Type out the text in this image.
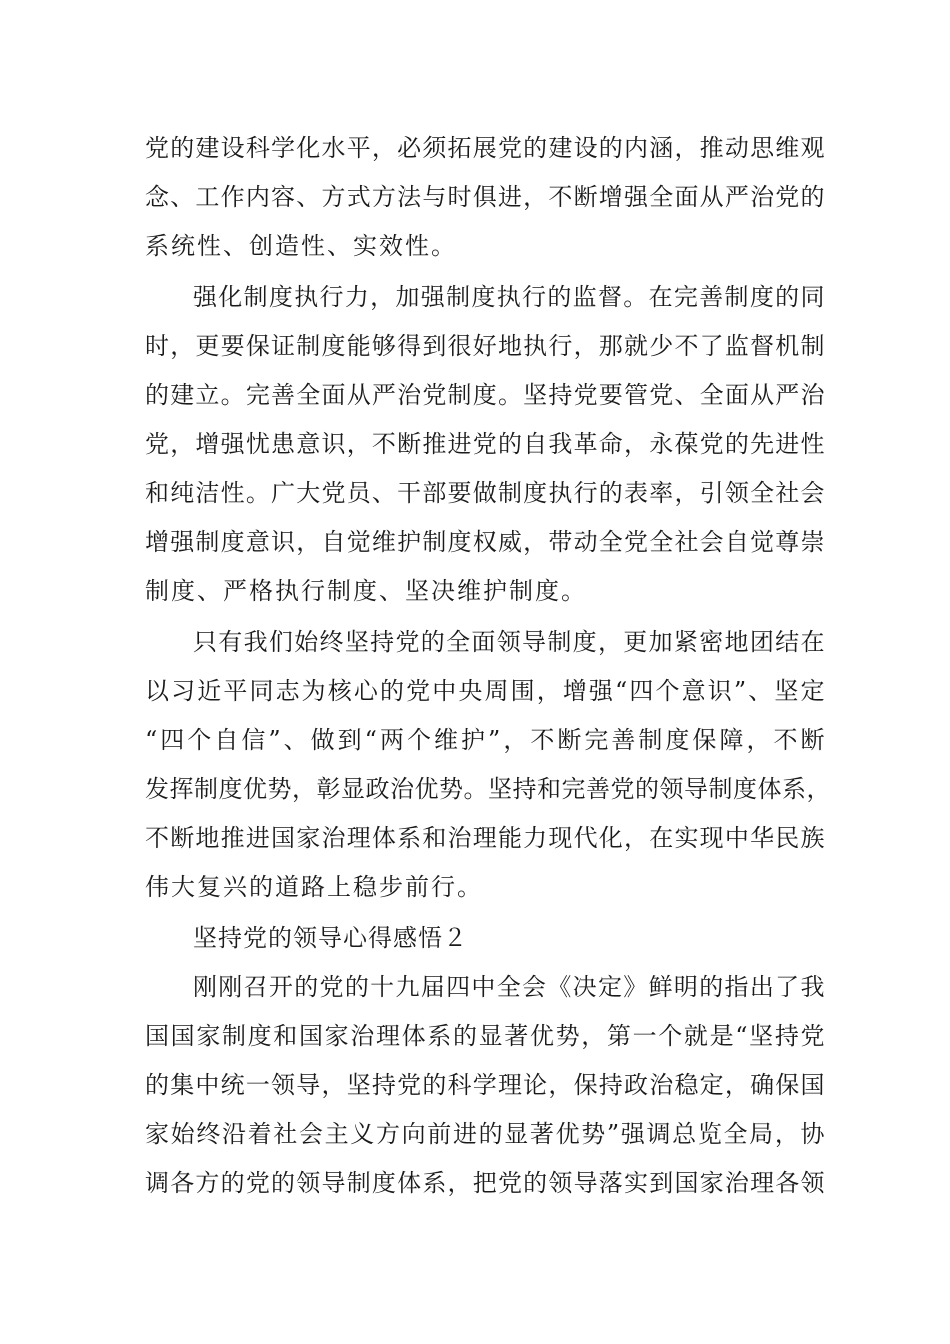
党的建设科学化水平，必须拓展党的建设的内涵，推动思维观
念、工作内容、方式方法与时俱进，不断增强全面从严治党的
系统性、创造性、实效性。
强化制度执行力，加强制度执行的监督。在完善制度的同
时，更要保证制度能够得到很好地执行，那就少不了监督机制
的建立。完善全面从严治党制度。坚持党要管党、全面从严治
党，增强忧患意识，不断推进党的自我革命，永葆党的先进性
和纯洁性。广大党员、干部要做制度执行的表率，引领全社会
增强制度意识，自觉维护制度权威，带动全党全社会自觉尊崇
制度、严格执行制度、坚决维护制度。
只有我们始终坚持党的全面领导制度，更加紧密地团结在
以习近平同志为核心的党中央周围，增强“四个意识”、坚定
“四个自信”、做到“两个维护”，不断完善制度保障，不断
发挥制度优势，彰显政治优势。坚持和完善党的领导制度体系，
不断地推进国家治理体系和治理能力现代化，在实现中华民族
伟大复兴的道路上稳步前行。
坚持党的领导心得感悟２
刚刚召开的党的十九届四中全会《决定》鲜明的指出了我
国国家制度和国家治理体系的显著优势，第一个就是“坚持党
的集中统一领导，坚持党的科学理论，保持政治稳定，确保国
家始终沿着社会主义方向前进的显著优势”强调总览全局，协
调各方的党的领导制度体系，把党的领导落实到国家治理各领
